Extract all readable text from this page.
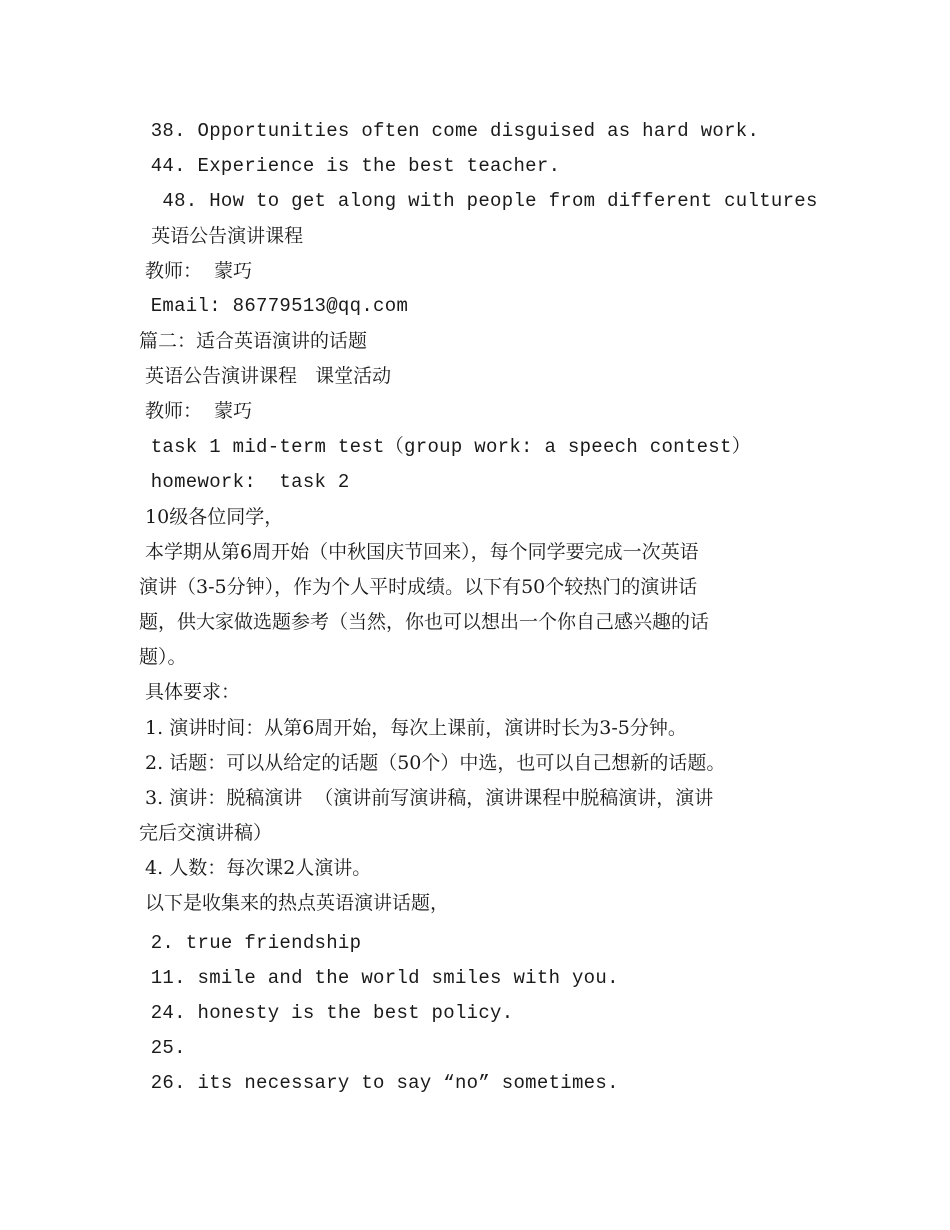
38. Opportunities often come disguised as hard work.
44. Experience is the best teacher.
48. How to get along with people from different cultures
英语公告演讲课程
教师：  蒙巧
Email: 86779513@qq.com
篇二：适合英语演讲的话题
英语公告演讲课程   课堂活动
教师：  蒙巧
task 1 mid-term test（group work: a speech contest）
homework:  task 2
10级各位同学，
本学期从第6周开始（中秋国庆节回来），每个同学要完成一次英语
演讲（3-5分钟），作为个人平时成绩。以下有50个较热门的演讲话
题，供大家做选题参考（当然，你也可以想出一个你自己感兴趣的话
题）。
具体要求：
1. 演讲时间：从第6周开始，每次上课前，演讲时长为3-5分钟。
2. 话题：可以从给定的话题（50个）中选，也可以自己想新的话题。
3. 演讲：脱稿演讲  （演讲前写演讲稿，演讲课程中脱稿演讲，演讲
完后交演讲稿）
4. 人数：每次课2人演讲。
以下是收集来的热点英语演讲话题，
2. true friendship
11. smile and the world smiles with you.
24. honesty is the best policy.
25.
26. its necessary to say “no” sometimes.
